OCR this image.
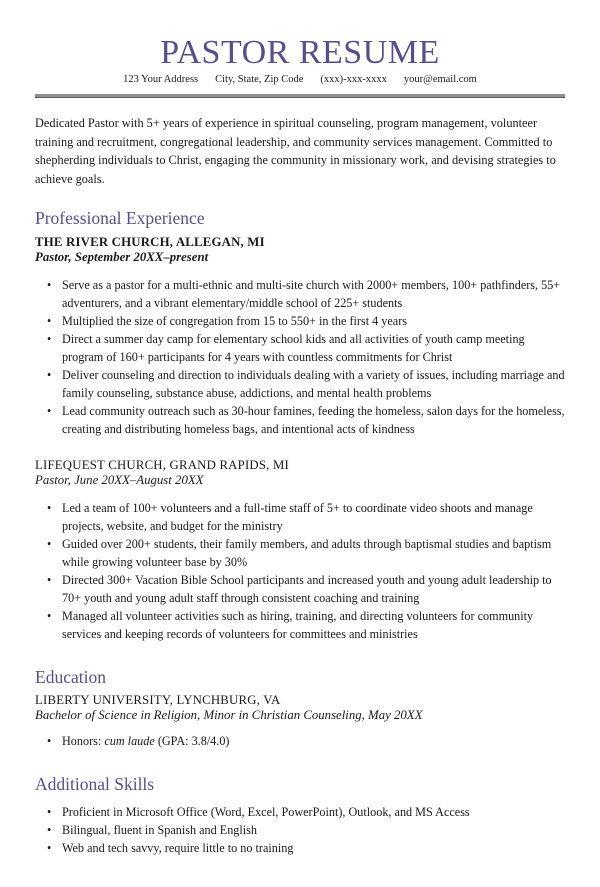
PASTOR RESUME
123 Your Address City, State, Zip Code (xxx)-xxx-xxxx your@email.com

Dedicated Pastor with 5+ years of experience in spiritual counseling, program management, volunteer training and recruitment, congregational leadership, and community services management. Committed to shepherding individuals to Christ, engaging the community in missionary work, and devising strategies to achieve goals.

Professional Experience
THE RIVER CHURCH, ALLEGAN, MI
Pastor, September 20XX–present
• Serve as a pastor for a multi-ethnic and multi-site church with 2000+ members, 100+ pathfinders, 55+ adventurers, and a vibrant elementary/middle school of 225+ students
• Multiplied the size of congregation from 15 to 550+ in the first 4 years
• Direct a summer day camp for elementary school kids and all activities of youth camp meeting program of 160+ participants for 4 years with countless commitments for Christ
• Deliver counseling and direction to individuals dealing with a variety of issues, including marriage and family counseling, substance abuse, addictions, and mental health problems
• Lead community outreach such as 30-hour famines, feeding the homeless, salon days for the homeless, creating and distributing homeless bags, and intentional acts of kindness
LIFEQUEST CHURCH, GRAND RAPIDS, MI
Pastor, June 20XX–August 20XX
• Led a team of 100+ volunteers and a full-time staff of 5+ to coordinate video shoots and manage projects, website, and budget for the ministry
• Guided over 200+ students, their family members, and adults through baptismal studies and baptism while growing volunteer base by 30%
• Directed 300+ Vacation Bible School participants and increased youth and young adult leadership to 70+ youth and young adult staff through consistent coaching and training
• Managed all volunteer activities such as hiring, training, and directing volunteers for community services and keeping records of volunteers for committees and ministries
Education
LIBERTY UNIVERSITY, LYNCHBURG, VA
Bachelor of Science in Religion, Minor in Christian Counseling, May 20XX
• Honors: cum laude (GPA: 3.8/4.0)
Additional Skills
• Proficient in Microsoft Office (Word, Excel, PowerPoint), Outlook, and MS Access
• Bilingual, fluent in Spanish and English
• Web and tech savvy, require little to no training
